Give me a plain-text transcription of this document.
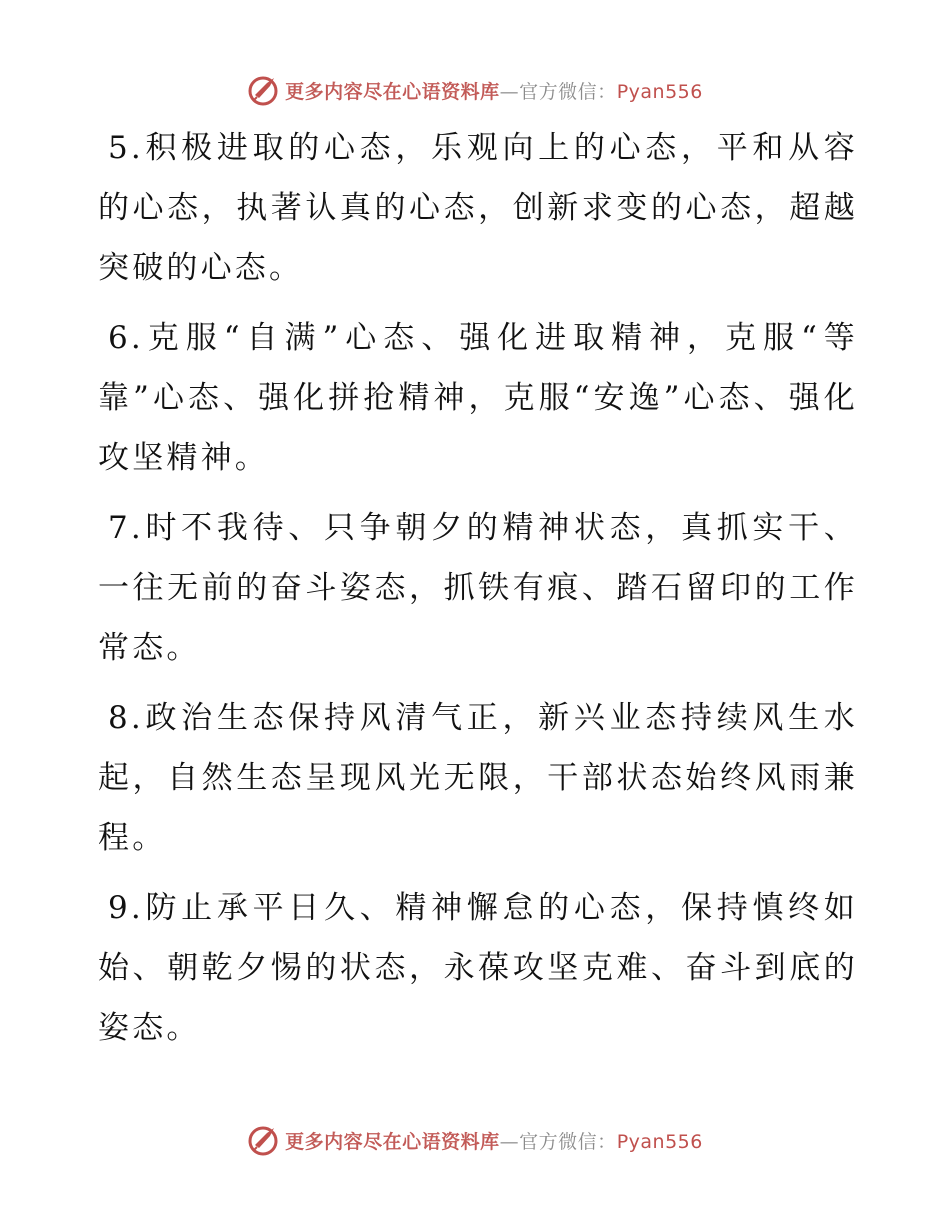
更多内容尽在心语资料库—官方微信：Pyan556

5.积极进取的心态，乐观向上的心态，平和从容的心态，执著认真的心态，创新求变的心态，超越突破的心态。

6.克服“自满”心态、强化进取精神，克服“等靠”心态、强化拼抢精神，克服“安逸”心态、强化攻坚精神。

7.时不我待、只争朝夕的精神状态，真抓实干、一往无前的奋斗姿态，抓铁有痕、踏石留印的工作常态。

8.政治生态保持风清气正，新兴业态持续风生水起，自然生态呈现风光无限，干部状态始终风雨兼程。

9.防止承平日久、精神懈怠的心态，保持慎终如始、朝乾夕惕的状态，永葆攻坚克难、奋斗到底的姿态。

更多内容尽在心语资料库—官方微信：Pyan556
